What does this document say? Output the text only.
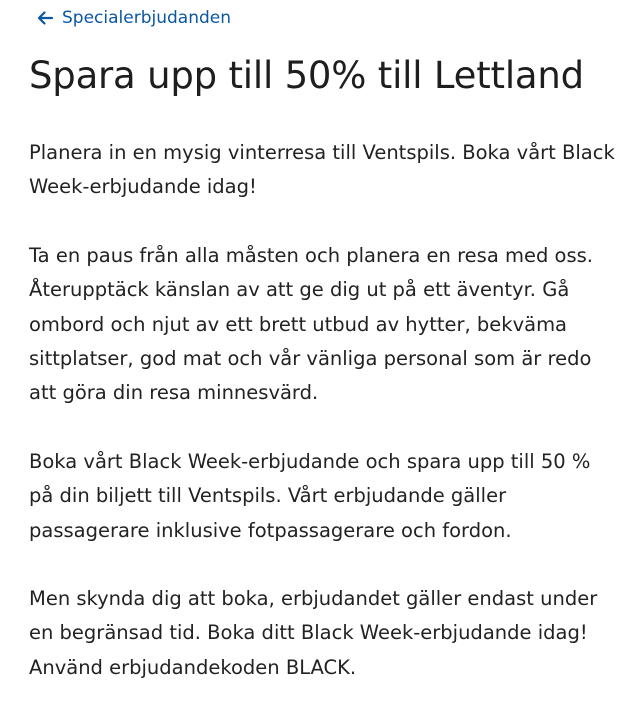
Specialerbjudanden
Spara upp till 50% till Lettland

Planera in en mysig vinterresa till Ventspils. Boka vårt Black Week-erbjudande idag!

Ta en paus från alla måsten och planera en resa med oss. Återupptäck känslan av att ge dig ut på ett äventyr. Gå ombord och njut av ett brett utbud av hytter, bekväma sittplatser, god mat och vår vänliga personal som är redo att göra din resa minnesvärd.

Boka vårt Black Week-erbjudande och spara upp till 50 % på din biljett till Ventspils. Vårt erbjudande gäller passagerare inklusive fotpassagerare och fordon.

Men skynda dig att boka, erbjudandet gäller endast under en begränsad tid. Boka ditt Black Week-erbjudande idag! Använd erbjudandekoden BLACK.
